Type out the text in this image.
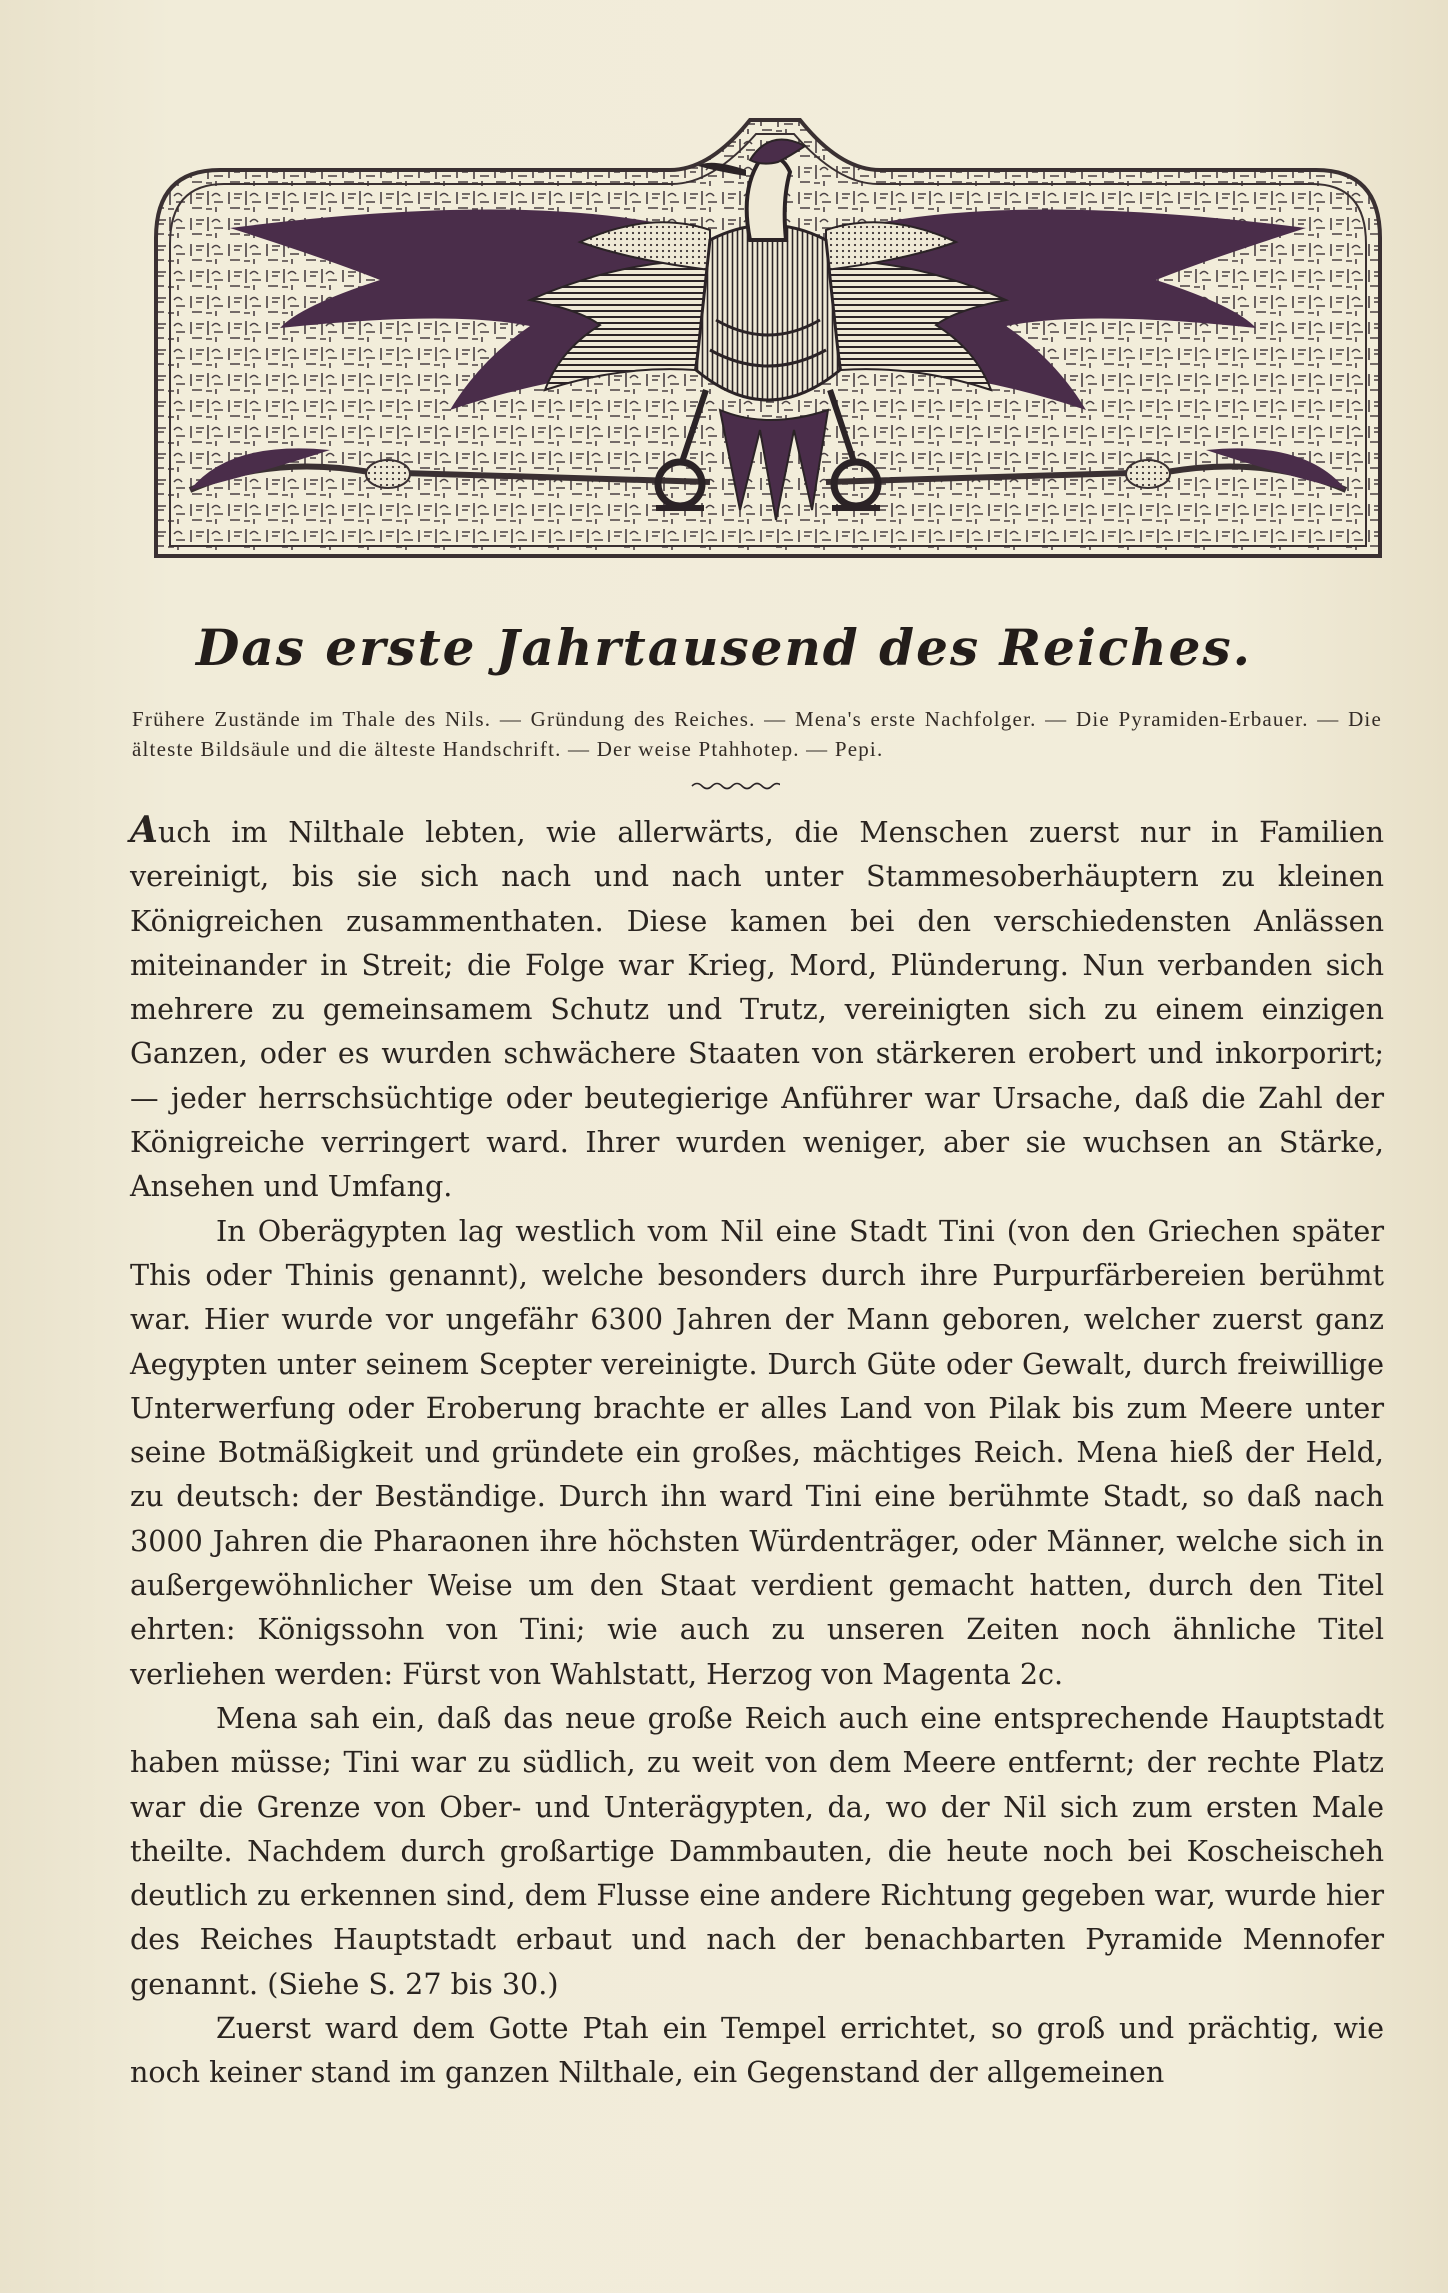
Das erste Jahrtausend des Reiches.

Frühere Zustände im Thale des Nils. — Gründung des Reiches. — Mena's erste Nachfolger. — Die Pyramiden-Erbauer. — Die älteste Bildsäule und die älteste Handschrift. — Der weise Ptahhotep. — Pepi.

Auch im Nilthale lebten, wie allerwärts, die Menschen zuerst nur in Familien vereinigt, bis sie sich nach und nach unter Stammesoberhäuptern zu kleinen Königreichen zusammenthaten. Diese kamen bei den verschiedensten Anlässen miteinander in Streit; die Folge war Krieg, Mord, Plünderung. Nun verbanden sich mehrere zu gemeinsamem Schutz und Trutz, vereinigten sich zu einem einzigen Ganzen, oder es wurden schwächere Staaten von stärkeren erobert und inkorporirt; — jeder herrschsüchtige oder beutegierige Anführer war Ursache, daß die Zahl der Königreiche verringert ward. Ihrer wurden weniger, aber sie wuchsen an Stärke, Ansehen und Umfang.

In Oberägypten lag westlich vom Nil eine Stadt Tini (von den Griechen später This oder Thinis genannt), welche besonders durch ihre Purpurfärbereien berühmt war. Hier wurde vor ungefähr 6300 Jahren der Mann geboren, welcher zuerst ganz Aegypten unter seinem Scepter vereinigte. Durch Güte oder Gewalt, durch freiwillige Unterwerfung oder Eroberung brachte er alles Land von Pilak bis zum Meere unter seine Botmäßigkeit und gründete ein großes, mächtiges Reich. Mena hieß der Held, zu deutsch: der Beständige. Durch ihn ward Tini eine berühmte Stadt, so daß nach 3000 Jahren die Pharaonen ihre höchsten Würdenträger, oder Männer, welche sich in außergewöhnlicher Weise um den Staat verdient gemacht hatten, durch den Titel ehrten: Königssohn von Tini; wie auch zu unseren Zeiten noch ähnliche Titel verliehen werden: Fürst von Wahlstatt, Herzog von Magenta 2c.

Mena sah ein, daß das neue große Reich auch eine entsprechende Hauptstadt haben müsse; Tini war zu südlich, zu weit von dem Meere entfernt; der rechte Platz war die Grenze von Ober- und Unterägypten, da, wo der Nil sich zum ersten Male theilte. Nachdem durch großartige Dammbauten, die heute noch bei Koscheischeh deutlich zu erkennen sind, dem Flusse eine andere Richtung gegeben war, wurde hier des Reiches Hauptstadt erbaut und nach der benachbarten Pyramide Mennofer genannt. (Siehe S. 27 bis 30.)

Zuerst ward dem Gotte Ptah ein Tempel errichtet, so groß und prächtig, wie noch keiner stand im ganzen Nilthale, ein Gegenstand der allgemeinen
